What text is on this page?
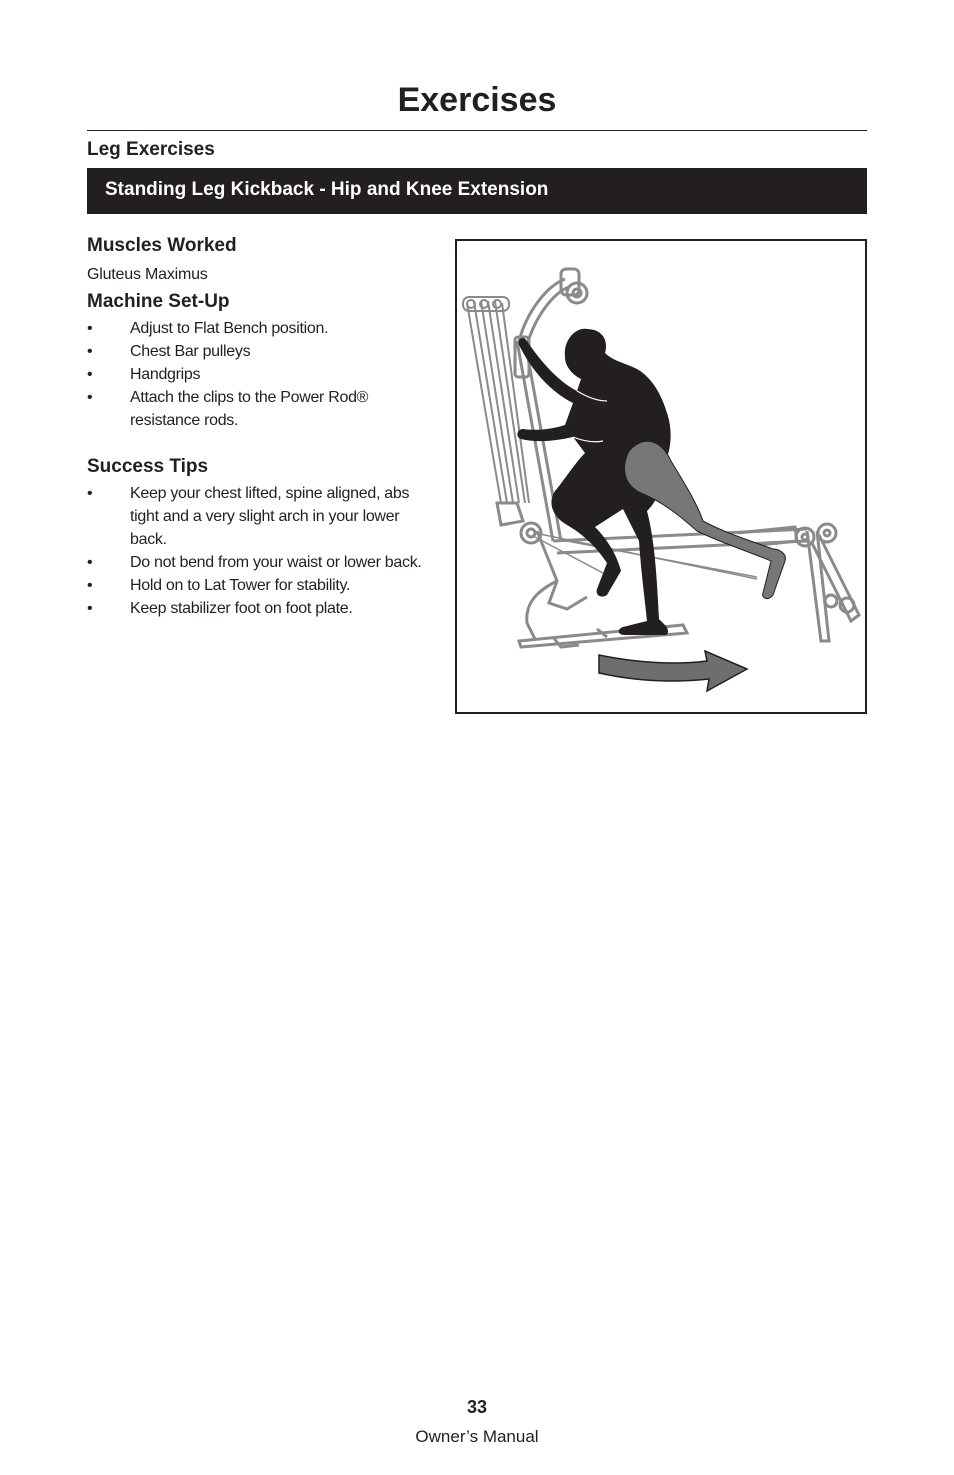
Exercises
Leg Exercises
Standing Leg Kickback - Hip and Knee Extension
Muscles Worked

Gluteus Maximus

Machine Set-Up
• Adjust to Flat Bench position.
• Chest Bar pulleys
• Handgrips
• Attach the clips to the Power Rod® resistance rods.
Success Tips
• Keep your chest lifted, spine aligned, abs tight and a very slight arch in your lower back.
• Do not bend from your waist or lower back.
• Hold on to Lat Tower for stability.
• Keep stabilizer foot on foot plate.
33
Owner’s Manual
